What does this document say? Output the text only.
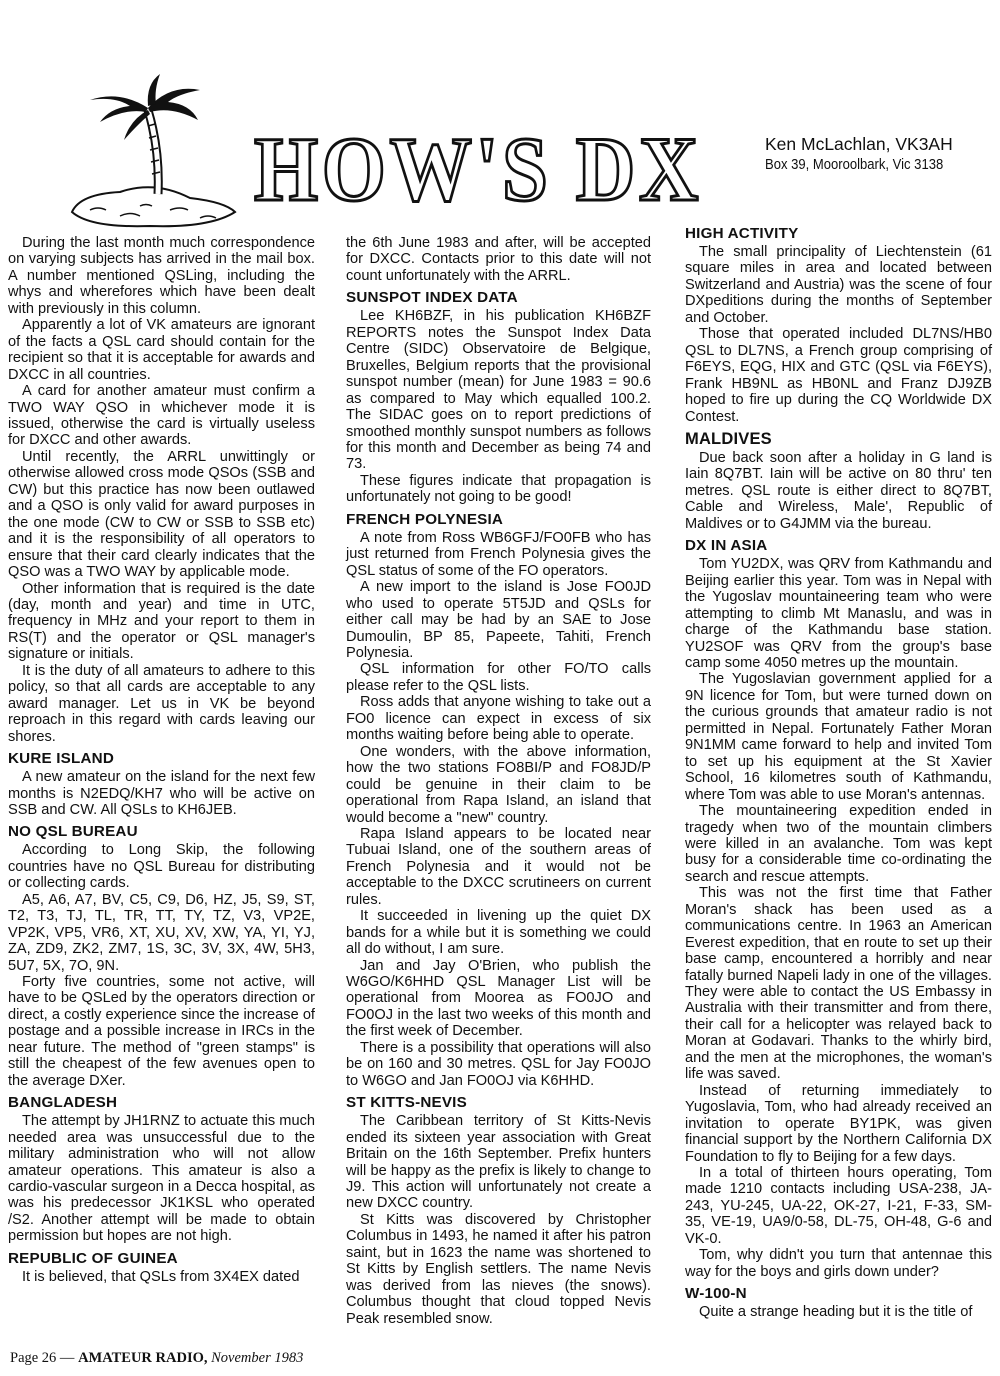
HOW'S DX	Ken McLachlan, VK3AH

Box 39, Mooroolbark, Vic 3138

During the last month much correspondence on varying subjects has arrived in the mail box. A number mentioned QSLing, including the whys and wherefores which have been dealt with previously in this column.

Apparently a lot of VK amateurs are ignorant of the facts a QSL card should contain for the recipient so that it is acceptable for awards and DXCC in all countries.

A card for another amateur must confirm a TWO WAY QSO in whichever mode it is issued, otherwise the card is virtually useless for DXCC and other awards.

Until recently, the ARRL unwittingly or otherwise allowed cross mode QSOs (SSB and CW) but this practice has now been outlawed and a QSO is only valid for award purposes in the one mode (CW to CW or SSB to SSB etc) and it is the responsibility of all operators to ensure that their card clearly indicates that the QSO was a TWO WAY by applicable mode.

Other information that is required is the date (day, month and year) and time in UTC, frequency in MHz and your report to them in RS(T) and the operator or QSL manager's signature or initials.

It is the duty of all amateurs to adhere to this policy, so that all cards are acceptable to any award manager. Let us in VK be beyond reproach in this regard with cards leaving our shores.

KURE ISLAND

A new amateur on the island for the next few months is N2EDQ/KH7 who will be active on SSB and CW. All QSLs to KH6JEB.

NO QSL BUREAU

According to Long Skip, the following countries have no QSL Bureau for distributing or collecting cards.

A5, A6, A7, BV, C5, C9, D6, HZ, J5, S9, ST, T2, T3, TJ, TL, TR, TT, TY, TZ, V3, VP2E, VP2K, VP5, VR6, XT, XU, XV, XW, YA, YI, YJ, ZA, ZD9, ZK2, ZM7, 1S, 3C, 3V, 3X, 4W, 5H3, 5U7, 5X, 7O, 9N.

Forty five countries, some not active, will have to be QSLed by the operators direction or direct, a costly experience since the increase of postage and a possible increase in IRCs in the near future. The method of "green stamps" is still the cheapest of the few avenues open to the average DXer.

BANGLADESH

The attempt by JH1RNZ to actuate this much needed area was unsuccessful due to the military administration who will not allow amateur operations. This amateur is also a cardio-vascular surgeon in a Decca hospital, as was his predecessor JK1KSL who operated /S2. Another attempt will be made to obtain permission but hopes are not high.

REPUBLIC OF GUINEA

It is believed, that QSLs from 3X4EX dated

the 6th June 1983 and after, will be accepted for DXCC. Contacts prior to this date will not count unfortunately with the ARRL.

SUNSPOT INDEX DATA

Lee KH6BZF, in his publication KH6BZF REPORTS notes the Sunspot Index Data Centre (SIDC) Observatoire de Belgique, Bruxelles, Belgium reports that the provisional sunspot number (mean) for June 1983 = 90.6 as compared to May which equalled 100.2. The SIDAC goes on to report predictions of smoothed monthly sunspot numbers as follows for this month and December as being 74 and 73.

These figures indicate that propagation is unfortunately not going to be good!

FRENCH POLYNESIA

A note from Ross WB6GFJ/FO0FB who has just returned from French Polynesia gives the QSL status of some of the FO operators.

A new import to the island is Jose FO0JD who used to operate 5T5JD and QSLs for either call may be had by an SAE to Jose Dumoulin, BP 85, Papeete, Tahiti, French Polynesia.

QSL information for other FO/TO calls please refer to the QSL lists.

Ross adds that anyone wishing to take out a FO0 licence can expect in excess of six months waiting before being able to operate.

One wonders, with the above information, how the two stations FO8BI/P and FO8JD/P could be genuine in their claim to be operational from Rapa Island, an island that would become a "new" country.

Rapa Island appears to be located near Tubuai Island, one of the southern areas of French Polynesia and it would not be acceptable to the DXCC scrutineers on current rules.

It succeeded in livening up the quiet DX bands for a while but it is something we could all do without, I am sure.

Jan and Jay O'Brien, who publish the W6GO/K6HHD QSL Manager List will be operational from Moorea as FO0JO and FO0OJ in the last two weeks of this month and the first week of December.

There is a possibility that operations will also be on 160 and 30 metres. QSL for Jay FO0JO to W6GO and Jan FO0OJ via K6HHD.

ST KITTS-NEVIS

The Caribbean territory of St Kitts-Nevis ended its sixteen year association with Great Britain on the 16th September. Prefix hunters will be happy as the prefix is likely to change to J9. This action will unfortunately not create a new DXCC country.

St Kitts was discovered by Christopher Columbus in 1493, he named it after his patron saint, but in 1623 the name was shortened to St Kitts by English settlers. The name Nevis was derived from las nieves (the snows). Columbus thought that cloud topped Nevis Peak resembled snow.

HIGH ACTIVITY

The small principality of Liechtenstein (61 square miles in area and located between Switzerland and Austria) was the scene of four DXpeditions during the months of September and October.

Those that operated included DL7NS/HB0 QSL to DL7NS, a French group comprising of F6EYS, EQG, HIX and GTC (QSL via F6EYS), Frank HB9NL as HB0NL and Franz DJ9ZB hoped to fire up during the CQ Worldwide DX Contest.

MALDIVES

Due back soon after a holiday in G land is Iain 8Q7BT. Iain will be active on 80 thru' ten metres. QSL route is either direct to 8Q7BT, Cable and Wireless, Male', Republic of Maldives or to G4JMM via the bureau.

DX IN ASIA

Tom YU2DX, was QRV from Kathmandu and Beijing earlier this year. Tom was in Nepal with the Yugoslav mountaineering team who were attempting to climb Mt Manaslu, and was in charge of the Kathmandu base station. YU2SOF was QRV from the group's base camp some 4050 metres up the mountain.

The Yugoslavian government applied for a 9N licence for Tom, but were turned down on the curious grounds that amateur radio is not permitted in Nepal. Fortunately Father Moran 9N1MM came forward to help and invited Tom to set up his equipment at the St Xavier School, 16 kilometres south of Kathmandu, where Tom was able to use Moran's antennas.

The mountaineering expedition ended in tragedy when two of the mountain climbers were killed in an avalanche. Tom was kept busy for a considerable time co-ordinating the search and rescue attempts.

This was not the first time that Father Moran's shack has been used as a communications centre. In 1963 an American Everest expedition, that en route to set up their base camp, encountered a horribly and near fatally burned Napeli lady in one of the villages. They were able to contact the US Embassy in Australia with their transmitter and from there, their call for a helicopter was relayed back to Moran at Godavari. Thanks to the whirly bird, and the men at the microphones, the woman's life was saved.

Instead of returning immediately to Yugoslavia, Tom, who had already received an invitation to operate BY1PK, was given financial support by the Northern California DX Foundation to fly to Beijing for a few days.

In a total of thirteen hours operating, Tom made 1210 contacts including USA-238, JA-243, YU-245, UA-22, OK-27, I-21, F-33, SM-35, VE-19, UA9/0-58, DL-75, OH-48, G-6 and VK-0.

Tom, why didn't you turn that antennae this way for the boys and girls down under?

W-100-N

Quite a strange heading but it is the title of

Page 26 — AMATEUR RADIO, November 1983
